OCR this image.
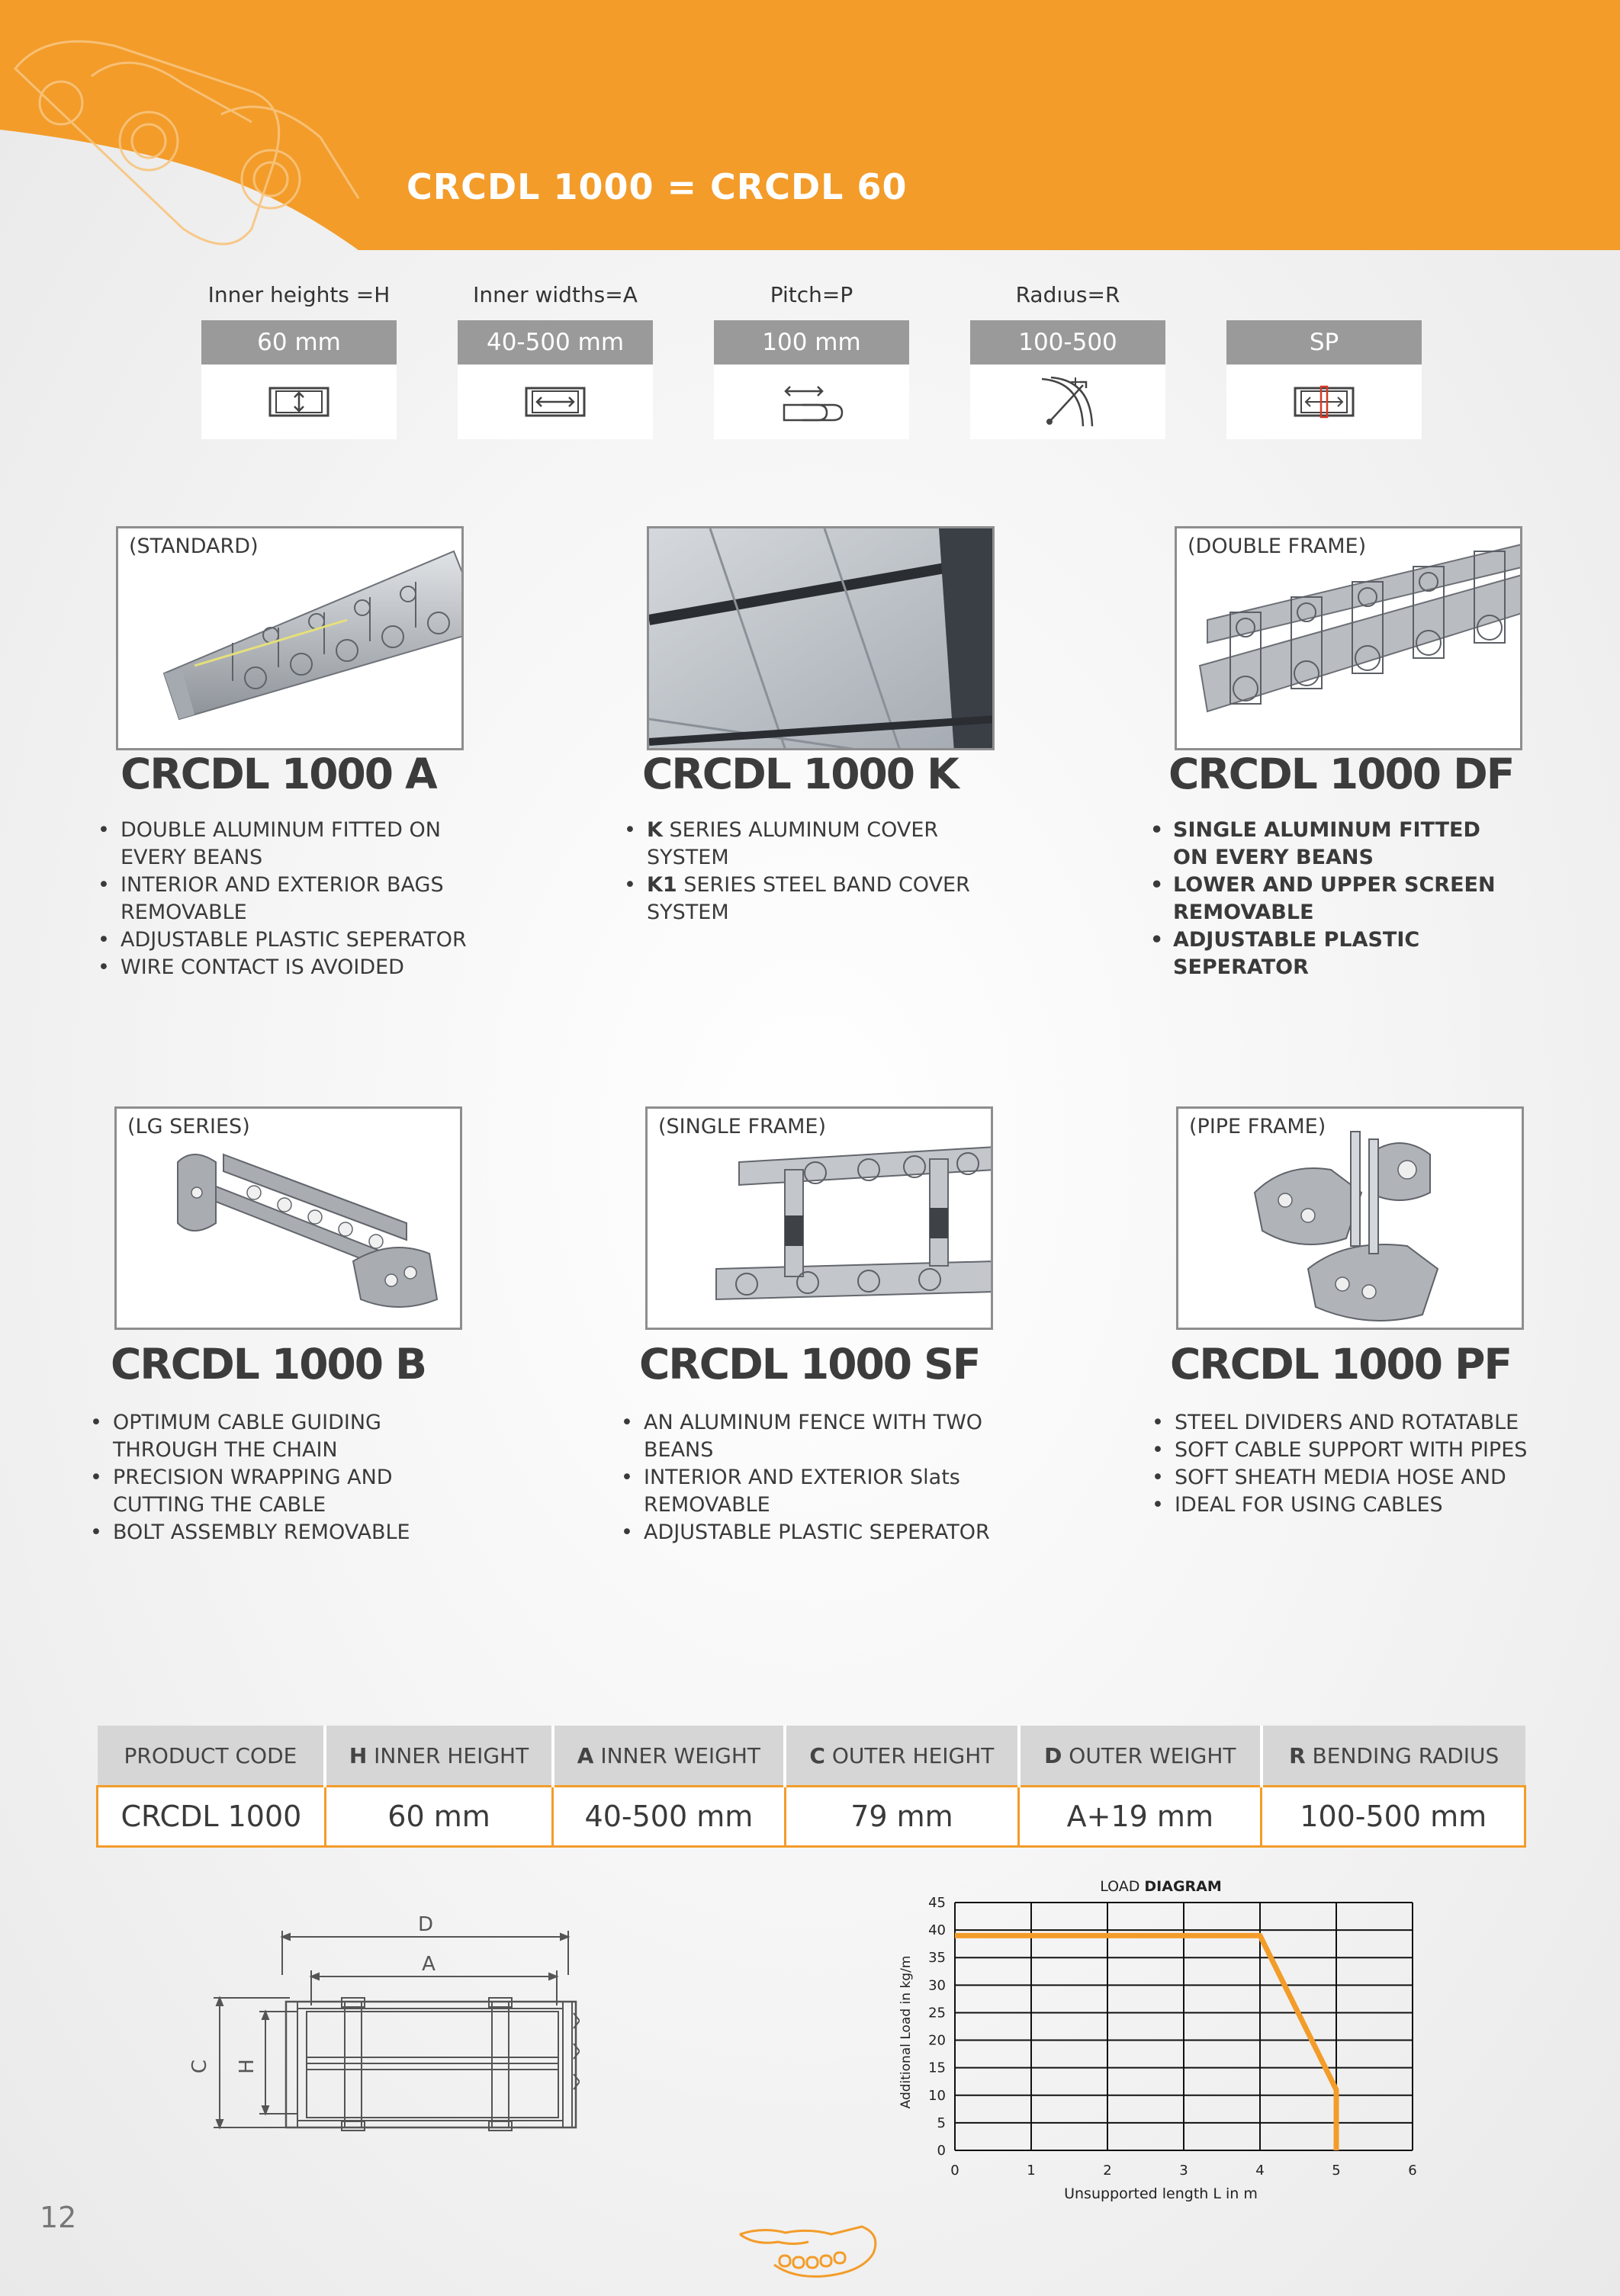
CRCDL 1000 = CRCDL 60
Inner heights =H
60 mm
Inner widths=A
40-500 mm
Pitch=P
100 mm
Radıus=R
100-500	SP
(STANDARD)
CRCDL 1000 A
• DOUBLE ALUMINUM FITTED ON EVERY BEANS
• INTERIOR AND EXTERIOR BAGS REMOVABLE
• ADJUSTABLE PLASTIC SEPERATOR
• WIRE CONTACT IS AVOIDED
CRCDL 1000 K
• K SERIES ALUMINUM COVER SYSTEM
• K1 SERIES STEEL BAND COVER SYSTEM
(DOUBLE FRAME)
CRCDL 1000 DF
• SINGLE ALUMINUM FITTED ON EVERY BEANS
• LOWER AND UPPER SCREEN REMOVABLE
• ADJUSTABLE PLASTIC SEPERATOR
(LG SERIES)
CRCDL 1000 B
• OPTIMUM CABLE GUIDING THROUGH THE CHAIN
• PRECISION WRAPPING AND CUTTING THE CABLE
• BOLT ASSEMBLY REMOVABLE
(SINGLE FRAME)
CRCDL 1000 SF
• AN ALUMINUM FENCE WITH TWO BEANS
• INTERIOR AND EXTERIOR Slats REMOVABLE
• ADJUSTABLE PLASTIC SEPERATOR
(PIPE FRAME)
CRCDL 1000 PF
• STEEL DIVIDERS AND ROTATABLE
• SOFT CABLE SUPPORT WITH PIPES
• SOFT SHEATH MEDIA HOSE AND
• IDEAL FOR USING CABLES
PRODUCT CODE	H INNER HEIGHT	A INNER WEIGHT	C OUTER HEIGHT	D OUTER WEIGHT	R BENDING RADIUS
CRCDL 1000	60 mm	40-500 mm	79 mm	A+19 mm	100-500 mm
D
A
C H
LOAD DIAGRAM
0
5
10
15
20
25
30
35
40
45
0	1	2	3	4	5	6
Unsupported length L in m
Additional Load in kg/m
12
